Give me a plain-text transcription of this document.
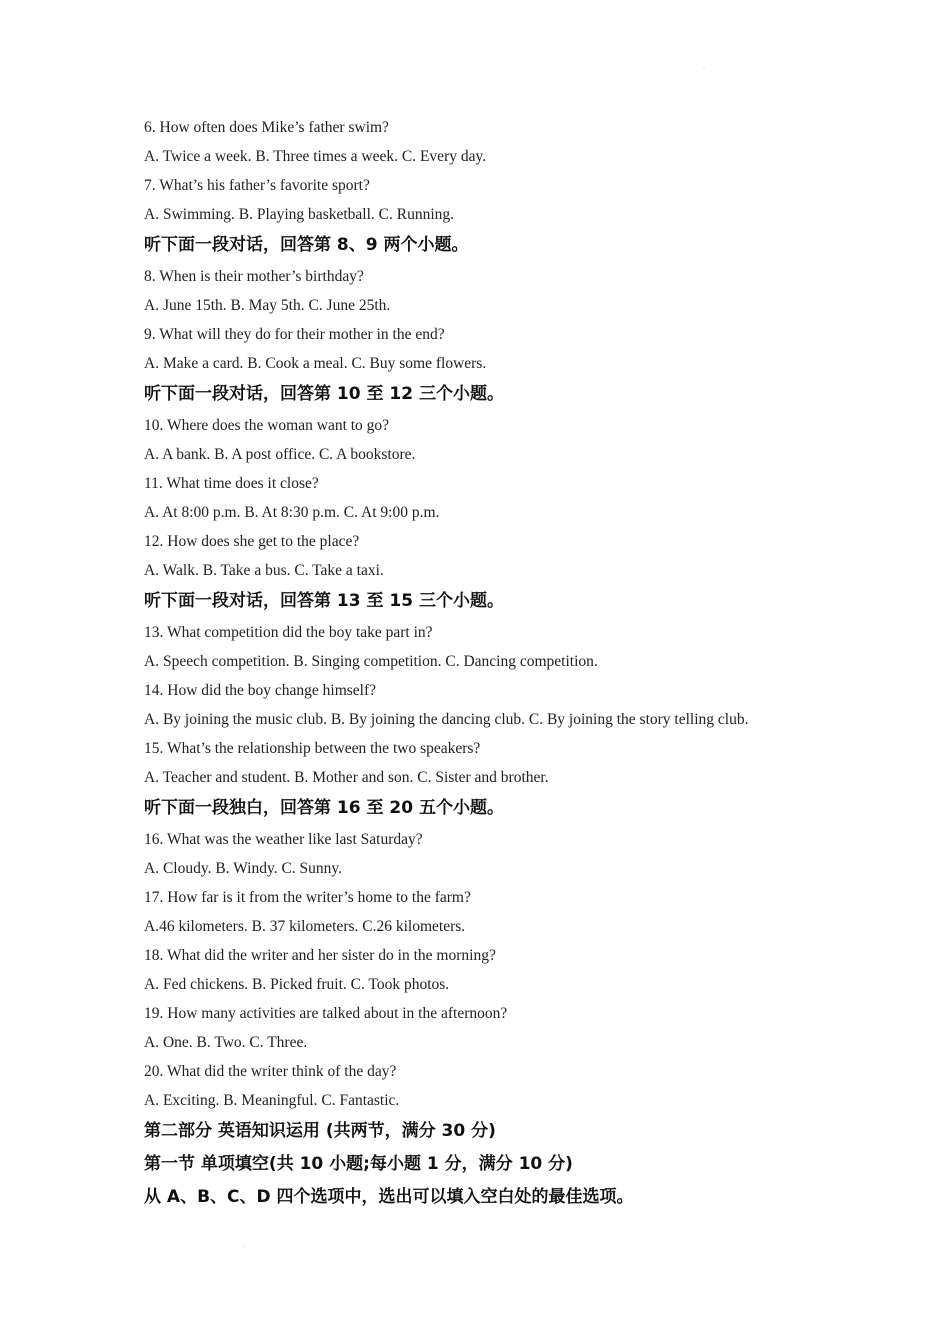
·
6. How often does Mike’s father swim?
A. Twice a week. B. Three times a week. C. Every day.
7. What’s his father’s favorite sport?
A. Swimming. B. Playing basketball. C. Running.
听下面一段对话，回答第 8、9 两个小题。
8. When is their mother’s birthday?
A. June 15th. B. May 5th. C. June 25th.
9. What will they do for their mother in the end?
A. Make a card. B. Cook a meal. C. Buy some flowers.
听下面一段对话，回答第 10 至 12 三个小题。
10. Where does the woman want to go?
A. A bank. B. A post office. C. A bookstore.
11. What time does it close?
A. At 8:00 p.m. B. At 8:30 p.m. C. At 9:00 p.m.
12. How does she get to the place?
A. Walk. B. Take a bus. C. Take a taxi.
听下面一段对话，回答第 13 至 15 三个小题。
13. What competition did the boy take part in?
A. Speech competition. B. Singing competition. C. Dancing competition.
14. How did the boy change himself?
A. By joining the music club. B. By joining the dancing club. C. By joining the story telling club.
15. What’s the relationship between the two speakers?
A. Teacher and student. B. Mother and son. C. Sister and brother.
听下面一段独白，回答第 16 至 20 五个小题。
16. What was the weather like last Saturday?
A. Cloudy. B. Windy. C. Sunny.
17. How far is it from the writer’s home to the farm?
A.46 kilometers. B. 37 kilometers. C.26 kilometers.
18. What did the writer and her sister do in the morning?
A. Fed chickens. B. Picked fruit. C. Took photos.
19. How many activities are talked about in the afternoon?
A. One. B. Two. C. Three.
20. What did the writer think of the day?
A. Exciting. B. Meaningful. C. Fantastic.
第二部分 英语知识运用 (共两节，满分 30 分)
第一节 单项填空(共 10 小题;每小题 1 分，满分 10 分)
从 A、B、C、D 四个选项中，选出可以填入空白处的最佳选项。
·
